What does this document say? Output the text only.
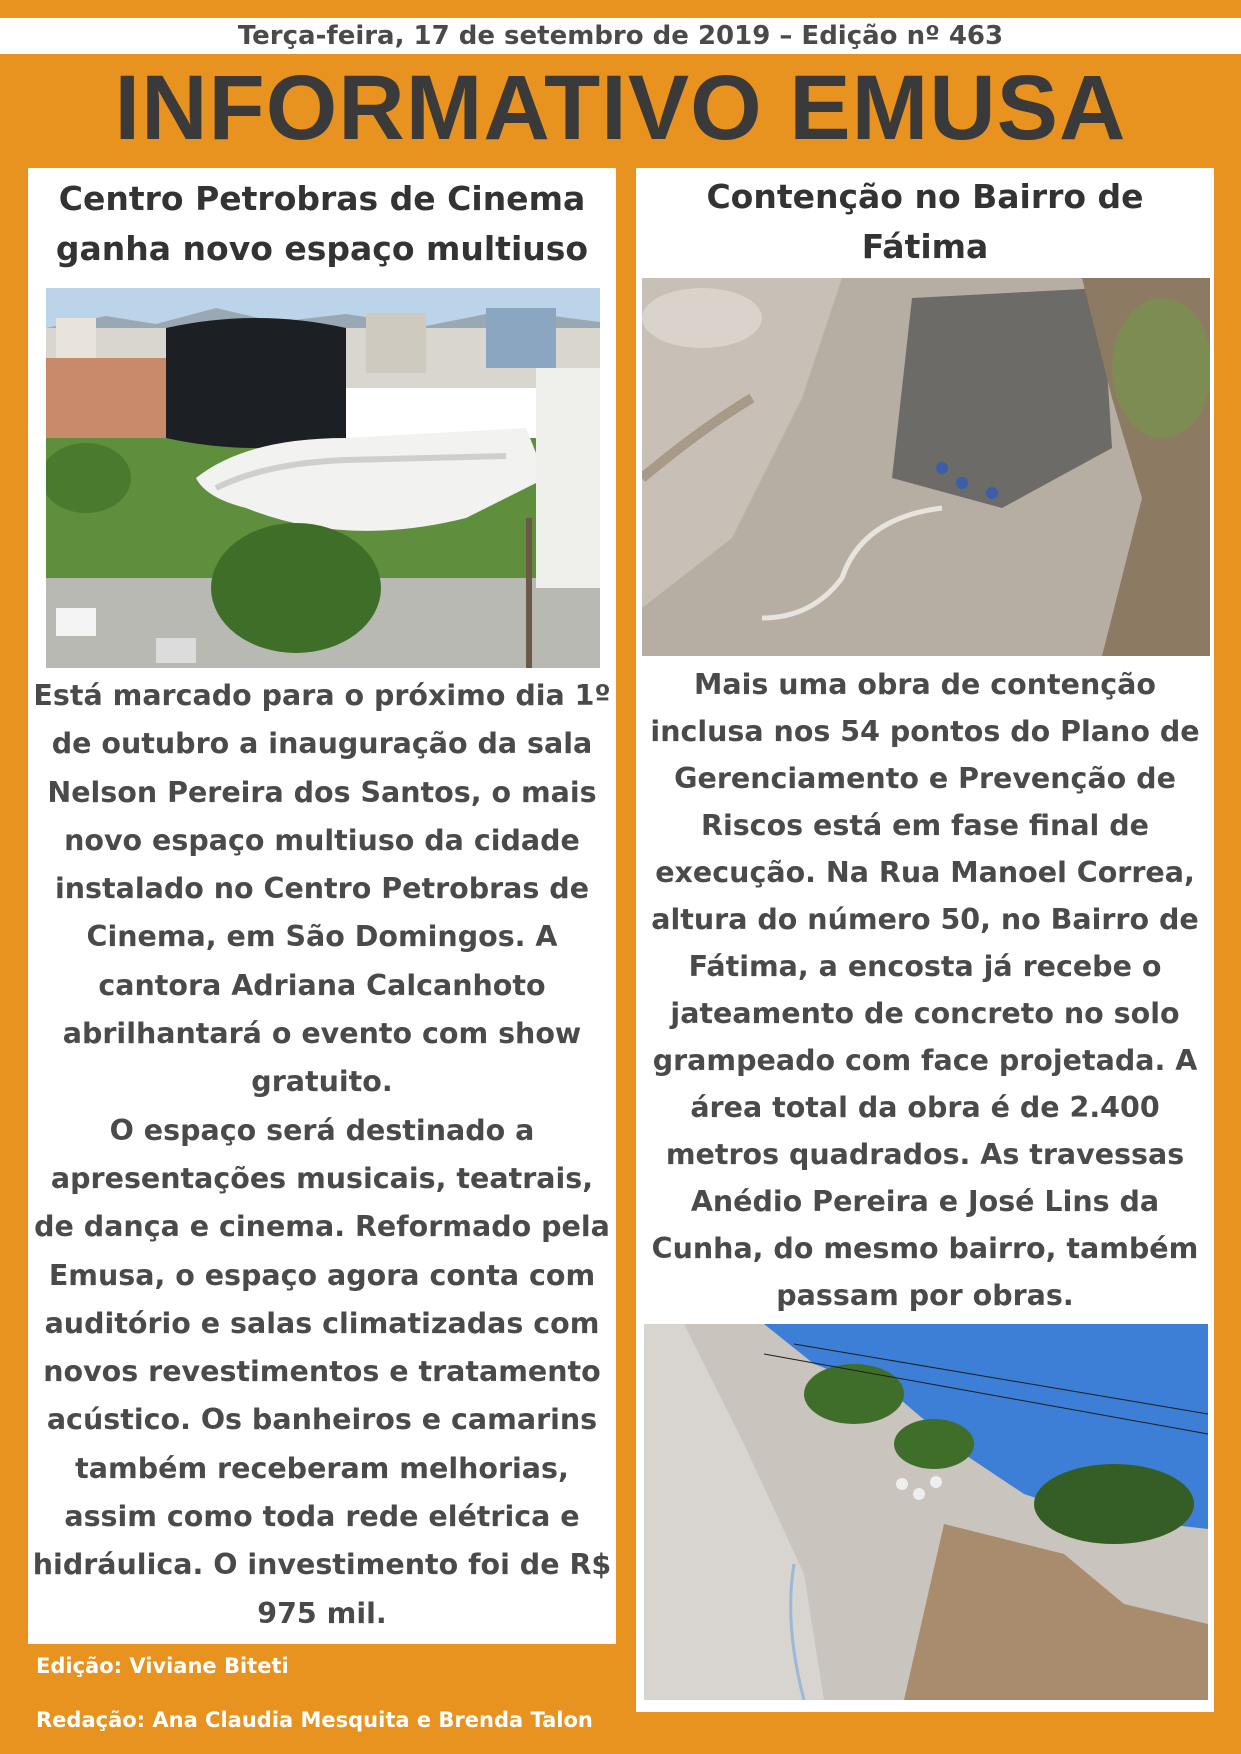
Terça-feira, 17 de setembro de 2019 – Edição nº 463
INFORMATIVO EMUSA
Centro Petrobras de Cinema
ganha novo espaço multiuso
Está marcado para o próximo dia 1º de outubro a inauguração da sala Nelson Pereira dos Santos, o mais novo espaço multiuso da cidade instalado no Centro Petrobras de Cinema, em São Domingos. A cantora Adriana Calcanhoto abrilhantará o evento com show gratuito.
O espaço será destinado a apresentações musicais, teatrais, de dança e cinema. Reformado pela Emusa, o espaço agora conta com auditório e salas climatizadas com novos revestimentos e tratamento acústico. Os banheiros e camarins também receberam melhorias, assim como toda rede elétrica e hidráulica. O investimento foi de R$ 975 mil.
Contenção no Bairro de Fátima
Mais uma obra de contenção inclusa nos 54 pontos do Plano de Gerenciamento e Prevenção de Riscos está em fase final de execução. Na Rua Manoel Correa, altura do número 50, no Bairro de Fátima, a encosta já recebe o jateamento de concreto no solo grampeado com face projetada. A área total da obra é de 2.400 metros quadrados. As travessas Anédio Pereira e José Lins da Cunha, do mesmo bairro, também passam por obras.
Edição: Viviane Biteti
Redação: Ana Claudia Mesquita e Brenda Talon
